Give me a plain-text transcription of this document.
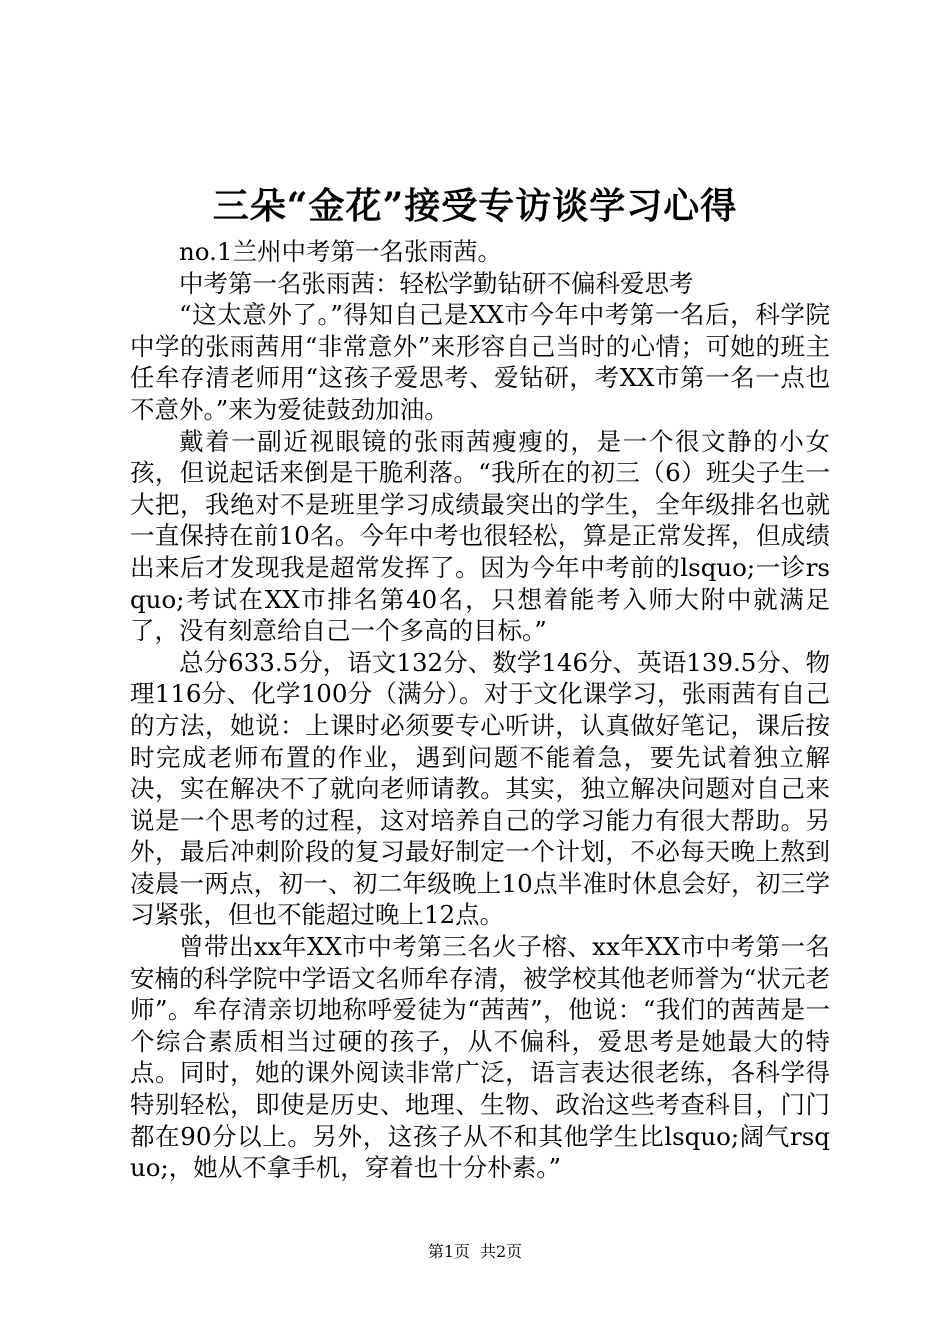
三朵“金花”接受专访谈学习心得

no.1兰州中考第一名张雨茜。

中考第一名张雨茜：轻松学勤钻研不偏科爱思考

“这太意外了。”得知自己是XX市今年中考第一名后，科学院中学的张雨茜用“非常意外”来形容自己当时的心情；可她的班主任牟存清老师用“这孩子爱思考、爱钻研，考XX市第一名一点也不意外。”来为爱徒鼓劲加油。

戴着一副近视眼镜的张雨茜瘦瘦的，是一个很文静的小女孩，但说起话来倒是干脆利落。“我所在的初三（6）班尖子生一大把，我绝对不是班里学习成绩最突出的学生，全年级排名也就一直保持在前10名。今年中考也很轻松，算是正常发挥，但成绩出来后才发现我是超常发挥了。因为今年中考前的lsquo;一诊rsquo;考试在XX市排名第40名，只想着能考入师大附中就满足了，没有刻意给自己一个多高的目标。”

总分633.5分，语文132分、数学146分、英语139.5分、物理116分、化学100分（满分）。对于文化课学习，张雨茜有自己的方法，她说：上课时必须要专心听讲，认真做好笔记，课后按时完成老师布置的作业，遇到问题不能着急，要先试着独立解决，实在解决不了就向老师请教。其实，独立解决问题对自己来说是一个思考的过程，这对培养自己的学习能力有很大帮助。另外，最后冲刺阶段的复习最好制定一个计划，不必每天晚上熬到凌晨一两点，初一、初二年级晚上10点半准时休息会好，初三学习紧张，但也不能超过晚上12点。

曾带出xx年XX市中考第三名火子榕、xx年XX市中考第一名安楠的科学院中学语文名师牟存清，被学校其他老师誉为“状元老师”。牟存清亲切地称呼爱徒为“茜茜”，他说：“我们的茜茜是一个综合素质相当过硬的孩子，从不偏科，爱思考是她最大的特点。同时，她的课外阅读非常广泛，语言表达很老练，各科学得特别轻松，即使是历史、地理、生物、政治这些考查科目，门门都在90分以上。另外，这孩子从不和其他学生比lsquo;阔气rsquo;，她从不拿手机，穿着也十分朴素。”

第1页 共2页
